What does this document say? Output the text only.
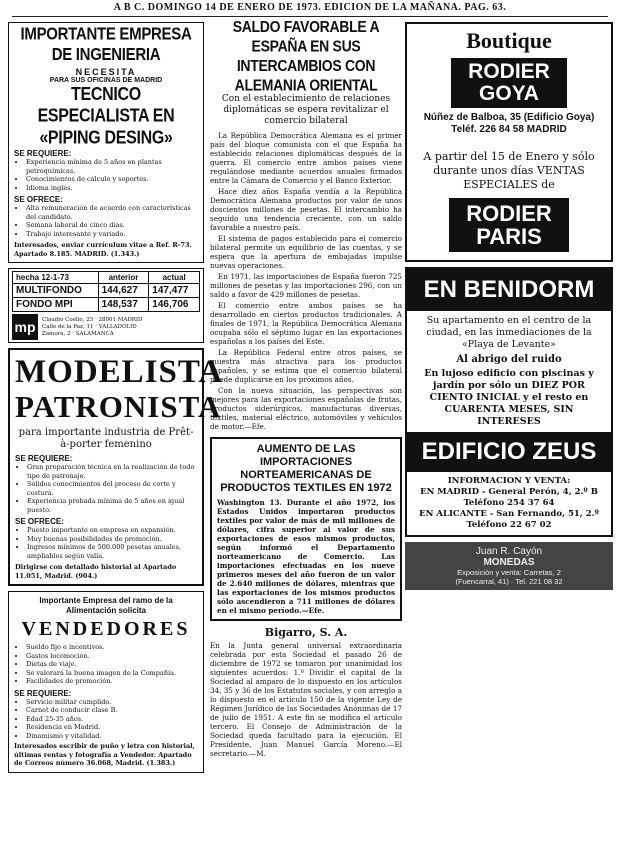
A B C. DOMINGO 14 DE ENERO DE 1973. EDICION DE LA MAÑANA. PAG. 63.
IMPORTANTE EMPRESA DE INGENIERIA
NECESITA
PARA SUS OFICINAS DE MADRID
TECNICO ESPECIALISTA EN «PIPING DESING»
SE REQUIERE:
• Experiencia mínima de 5 años en plantas petroquímicas.
• Conocimientos de cálculo y soportes.
• Idioma inglés.
SE OFRECE:
• Alta remuneración de acuerdo con características del candidato.
• Semana laboral de cinco días.
• Trabajo interesante y variado.
Interesados, enviar currículum vitae a Ref. R-73. Apartado 8.185. MADRID. (1.343.)
hecha 12-1-73	anterior	actual
MULTIFONDO	144,627	147,477
FONDO MPI	148,537	146,706
mp	Claudio Coello, 25 · 28001 MADRID
Calle de la Paz, 11 · VALLADOLID
Zamora, 2 · SALAMANCA
MODELISTA
PATRONISTA
para importante industria de Prêt-à-porter femenino
SE REQUIERE:
• Gran preparación técnica en la realización de todo tipo de patronaje.
• Sólidos conocimientos del proceso de corte y costura.
• Experiencia probada mínima de 5 años en igual puesto.
SE OFRECE:
• Puesto importante en empresa en expansión.
• Muy buenas posibilidades de promoción.
• Ingresos mínimos de 500.000 pesetas anuales, ampliables según valía.
Dirigirse con detallado historial al Apartado 11.051, Madrid. (904.)
Importante Empresa del ramo de la Alimentación solicita
VENDEDORES
• Sueldo fijo e incentivos.
• Gastos locomoción.
• Dietas de viaje.
• Se valorará la buena imagen de la Compañía.
• Facilidades de promoción.
SE REQUIERE:
• Servicio militar cumplido.
• Carnet de conducir clase B.
• Edad 25-35 años.
• Residencia en Madrid.
• Dinamismo y vitalidad.
Interesados escribir de puño y letra con historial, últimas rentas y fotografía a Vendedor. Apartado de Correos número 36.068, Madrid. (1.383.)
SALDO FAVORABLE A ESPAÑA EN SUS INTERCAMBIOS CON ALEMANIA ORIENTAL
Con el establecimiento de relaciones diplomáticas se espera revitalizar el comercio bilateral

La República Democrática Alemana es el primer país del bloque comunista con el que España ha establecido relaciones diplomáticas después de la guerra. El comercio entre ambos países viene regulándose mediante acuerdos anuales firmados entre la Cámara de Comercio y el Banco Exterior.

Hace diez años España vendía a la República Democrática Alemana productos por valor de unos doscientos millones de pesetas. El intercambio ha seguido una tendencia creciente, con un saldo favorable a nuestro país.

El sistema de pagos establecido para el comercio bilateral permite un equilibrio de las cuentas, y se espera que la apertura de embajadas impulse nuevas operaciones.

En 1971, las importaciones de España fueron 725 millones de pesetas y las importaciones 296, con un saldo a favor de 429 millones de pesetas.

El comercio entre ambos países se ha desarrollado en ciertos productos tradicionales. A finales de 1971, la República Democrática Alemana ocupaba sólo el séptimo lugar en las exportaciones españolas a los países del Este.

La República Federal entre otros países, se muestra más atractiva para los productos españoles, y se estima que el comercio bilateral puede duplicarse en los próximos años.

Con la nueva situación, las perspectivas son mejores para las exportaciones españolas de frutas, productos siderúrgicos, manufacturas diversas, textiles, material eléctrico, automóviles y vehículos de motor.—Efe.

AUMENTO DE LAS IMPORTACIONES NORTEAMERICANAS DE PRODUCTOS TEXTILES EN 1972
Washington 13. Durante el año 1972, los Estados Unidos importaron productos textiles por valor de más de mil millones de dólares, cifra superior al valor de sus exportaciones de esos mismos productos, según informó el Departamento norteamericano de Comercio. Las importaciones efectuadas en los nueve primeros meses del año fueron de un valor de 2.640 millones de dólares, mientras que las exportaciones de los mismos productos sólo ascendieron a 711 millones de dólares en el mismo período.—Efe.
Bigarro, S. A.
En la Junta general universal extraordinaria celebrada por esta Sociedad el pasado 26 de diciembre de 1972 se tomaron por unanimidad los siguientes acuerdos: 1.º Dividir el capital de la Sociedad al amparo de lo dispuesto en los artículos 34, 35 y 36 de los Estatutos sociales, y con arreglo a lo dispuesto en el artículo 150 de la vigente Ley de Régimen Jurídico de las Sociedades Anónimas de 17 de julio de 1951. A este fin se modifica el artículo tercero. El Consejo de Administración de la Sociedad queda facultado para la ejecución. El Presidente, Juan Manuel García Moreno.—El secretario.—M.
Boutique
RODIER GOYA
Núñez de Balboa, 35 (Edificio Goya) Teléf. 226 84 58 MADRID
A partir del 15 de Enero y sólo durante unos días VENTAS ESPECIALES de
RODIER PARIS
EN BENIDORM
Su apartamento en el centro de la ciudad, en las inmediaciones de la «Playa de Levante»
Al abrigo del ruido
En lujoso edificio con piscinas y jardín por sólo un DIEZ POR CIENTO INICIAL y el resto en CUARENTA MESES, SIN INTERESES
EDIFICIO ZEUS
INFORMACION Y VENTA:
EN MADRID - General Perón, 4, 2.º B
Teléfono 254 37 64
EN ALICANTE - San Fernando, 51, 2.º
Teléfono 22 67 02
Juan R. Cayón
MONEDAS
Exposición y venta: Carretas, 2
(Fuencarral, 41) · Tel. 221 08 32
